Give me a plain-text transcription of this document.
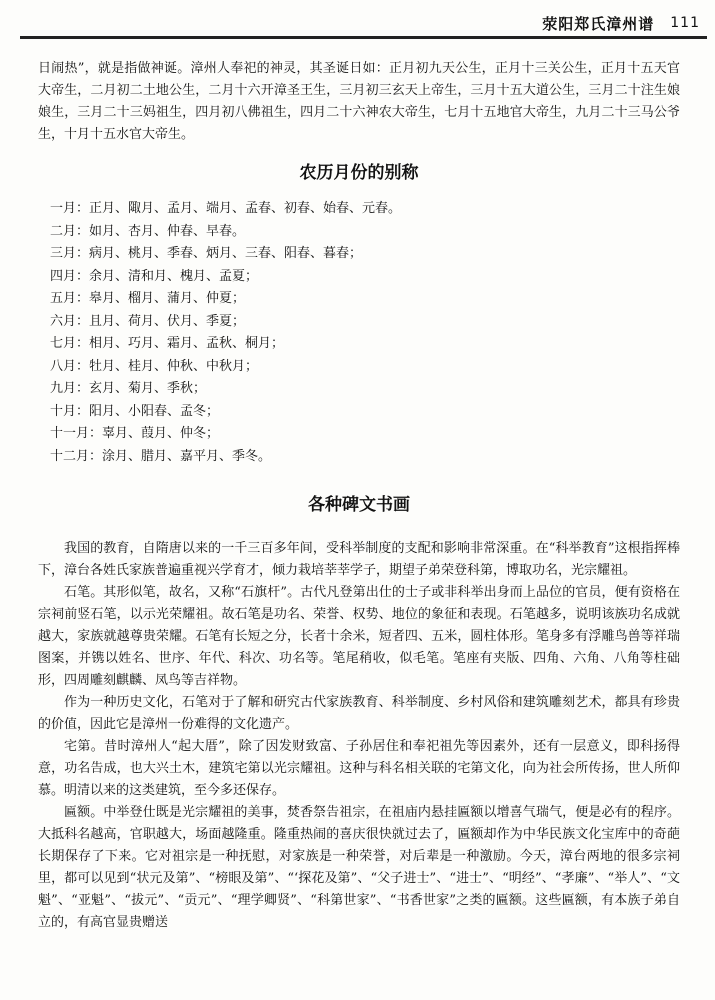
荥阳郑氏漳州谱 111

日闹热”，就是指做神诞。漳州人奉祀的神灵，其圣诞日如：正月初九天公生，正月十三关公生，正月十五天官大帝生，二月初二土地公生，二月十六开漳圣王生，三月初三玄天上帝生，三月十五大道公生，三月二十注生娘娘生，三月二十三妈祖生，四月初八佛祖生，四月二十六神农大帝生，七月十五地官大帝生，九月二十三马公爷生，十月十五水官大帝生。

农历月份的别称
一月：正月、陬月、孟月、端月、孟春、初春、始春、元春。
二月：如月、杏月、仲春、早春。
三月：病月、桃月、季春、炳月、三春、阳春、暮春；
四月：余月、清和月、槐月、孟夏；
五月：皋月、榴月、蒲月、仲夏；
六月：且月、荷月、伏月、季夏；
七月：相月、巧月、霜月、孟秋、桐月；
八月：牡月、桂月、仲秋、中秋月；
九月：玄月、菊月、季秋；
十月：阳月、小阳春、孟冬；
十一月：辜月、葭月、仲冬；
十二月：涂月、腊月、嘉平月、季冬。
各种碑文书画

我国的教育，自隋唐以来的一千三百多年间，受科举制度的支配和影响非常深重。在“科举教育”这根指挥棒下，漳台各姓氏家族普遍重视兴学育才，倾力栽培莘莘学子，期望子弟荣登科第，博取功名，光宗耀祖。

石笔。其形似笔，故名，又称“石旗杆”。古代凡登第出仕的士子或非科举出身而上品位的官员，便有资格在宗祠前竖石笔，以示光荣耀祖。故石笔是功名、荣誉、权势、地位的象征和表现。石笔越多，说明该族功名成就越大，家族就越尊贵荣耀。石笔有长短之分，长者十余米，短者四、五米，圆柱体形。笔身多有浮雕鸟兽等祥瑞图案，并镌以姓名、世序、年代、科次、功名等。笔尾稍收，似毛笔。笔座有夹版、四角、六角、八角等柱础形，四周雕刻麒麟、凤鸟等吉祥物。

作为一种历史文化，石笔对于了解和研究古代家族教育、科举制度、乡村风俗和建筑雕刻艺术，都具有珍贵的价值，因此它是漳州一份难得的文化遗产。

宅第。昔时漳州人“起大厝”，除了因发财致富、子孙居住和奉祀祖先等因素外，还有一层意义，即科扬得意，功名告成，也大兴土木，建筑宅第以光宗耀祖。这种与科名相关联的宅第文化，向为社会所传扬，世人所仰慕。明清以来的这类建筑，至今多还保存。

匾额。中举登仕既是光宗耀祖的美事，焚香祭告祖宗，在祖庙内悬挂匾额以增喜气瑞气，便是必有的程序。大抵科名越高，官职越大，场面越隆重。隆重热闹的喜庆很快就过去了，匾额却作为中华民族文化宝库中的奇葩长期保存了下来。它对祖宗是一种抚慰，对家族是一种荣誉，对后辈是一种激励。今天，漳台两地的很多宗祠里，都可以见到“状元及第”、“榜眼及第”、“‘探花及第”、“父子进士”、“进士”、“明经”、“孝廉”、“举人”、“文魁”、“亚魁”、“拔元”、“贡元”、“理学卿贤”、“科第世家”、“书香世家”之类的匾额。这些匾额，有本族子弟自立的，有高官显贵赠送
